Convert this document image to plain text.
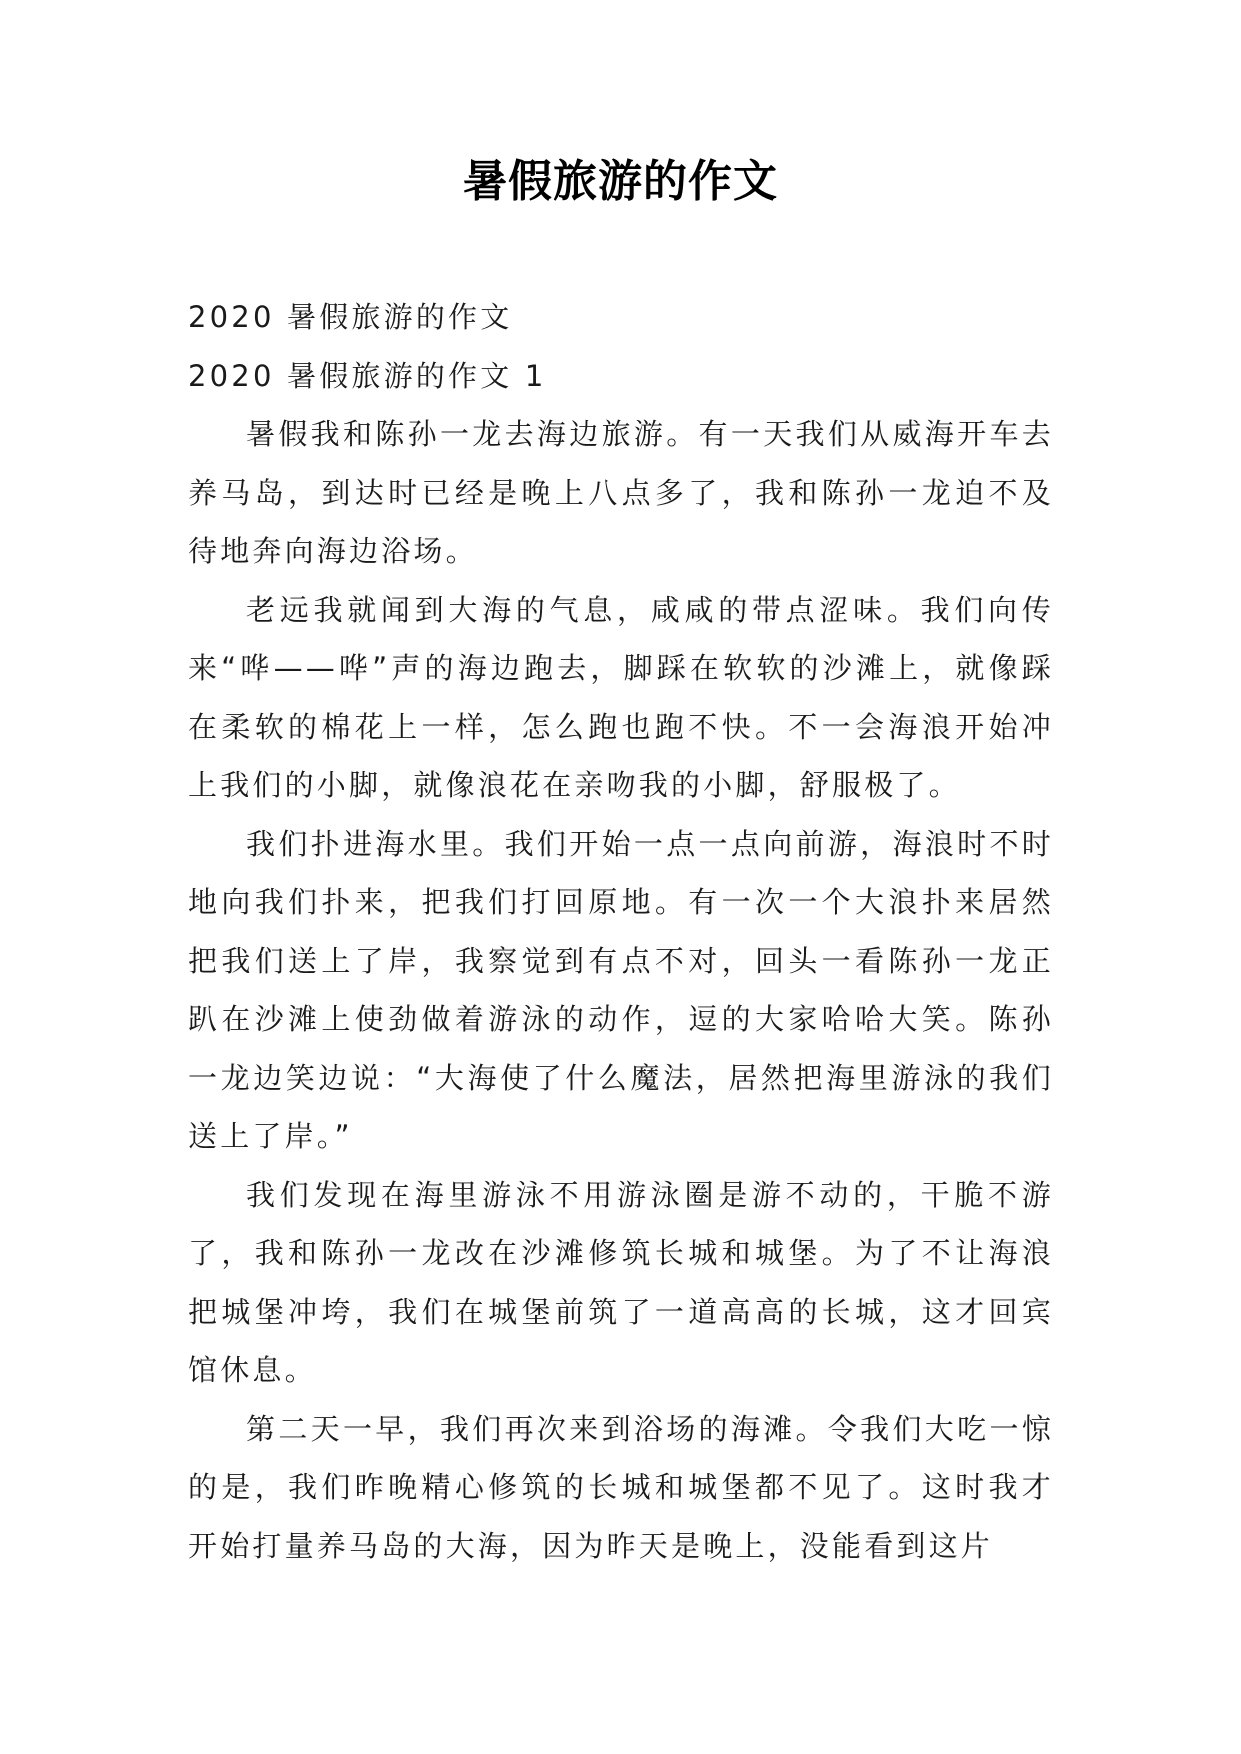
暑假旅游的作文
2020 暑假旅游的作文
2020 暑假旅游的作文 1

暑假我和陈孙一龙去海边旅游。有一天我们从威海开车去养马岛，到达时已经是晚上八点多了，我和陈孙一龙迫不及待地奔向海边浴场。

老远我就闻到大海的气息，咸咸的带点涩味。我们向传来“哗——哗”声的海边跑去，脚踩在软软的沙滩上，就像踩在柔软的棉花上一样，怎么跑也跑不快。不一会海浪开始冲上我们的小脚，就像浪花在亲吻我的小脚，舒服极了。

我们扑进海水里。我们开始一点一点向前游，海浪时不时地向我们扑来，把我们打回原地。有一次一个大浪扑来居然把我们送上了岸，我察觉到有点不对，回头一看陈孙一龙正趴在沙滩上使劲做着游泳的动作，逗的大家哈哈大笑。陈孙一龙边笑边说：“大海使了什么魔法，居然把海里游泳的我们送上了岸。”

我们发现在海里游泳不用游泳圈是游不动的，干脆不游了，我和陈孙一龙改在沙滩修筑长城和城堡。为了不让海浪把城堡冲垮，我们在城堡前筑了一道高高的长城，这才回宾馆休息。

第二天一早，我们再次来到浴场的海滩。令我们大吃一惊的是，我们昨晚精心修筑的长城和城堡都不见了。这时我才开始打量养马岛的大海，因为昨天是晚上，没能看到这片
